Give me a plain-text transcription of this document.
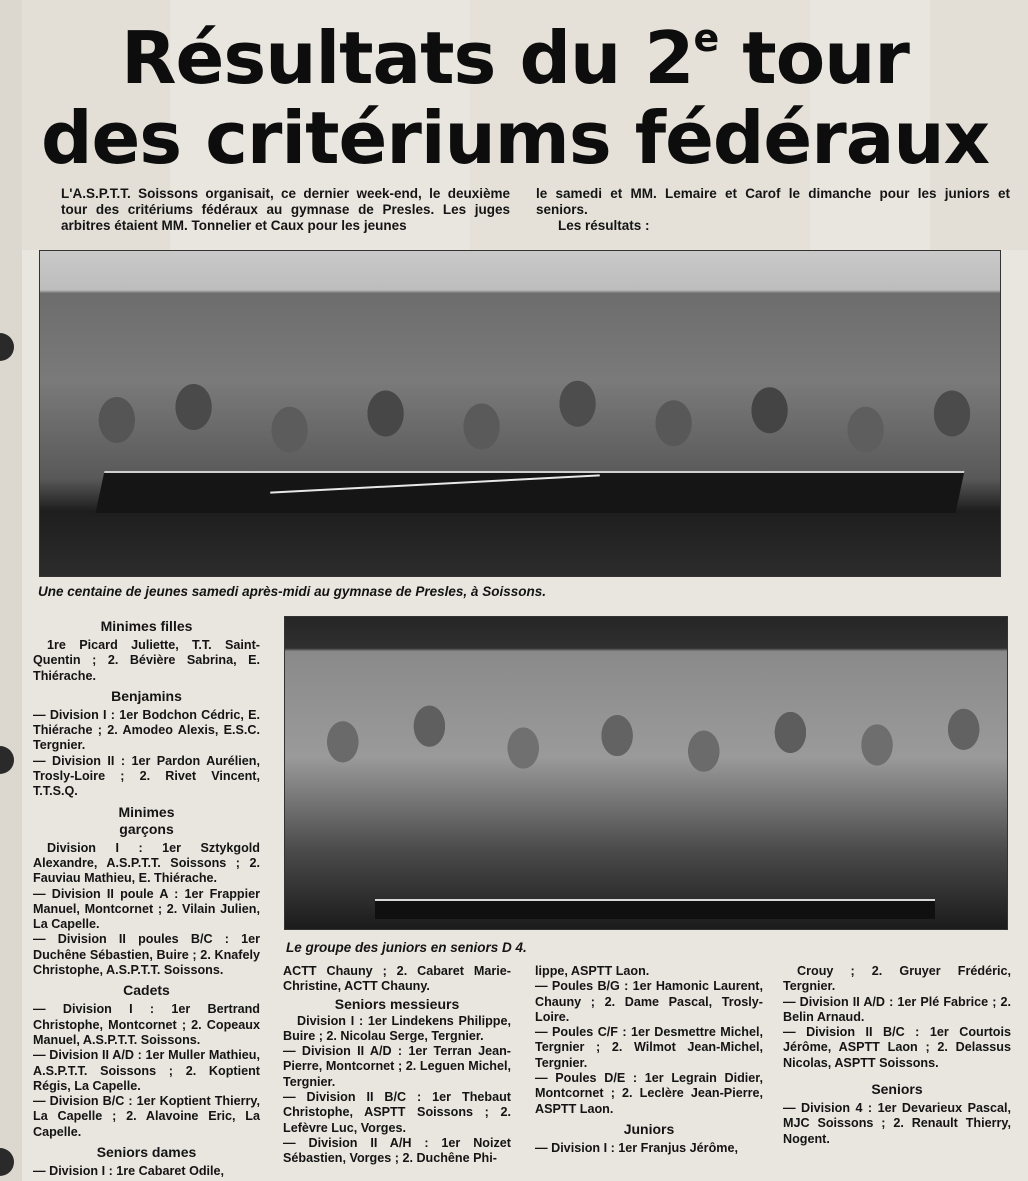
Résultats du 2e tour
des critériums fédéraux
L'A.S.P.T.T. Soissons organisait, ce dernier week-end, le deuxième tour des critériums fédéraux au gymnase de Presles. Les juges arbitres étaient MM. Tonnelier et Caux pour les jeunes
le samedi et MM. Lemaire et Carof le dimanche pour les juniors et seniors.
Les résultats :
Une centaine de jeunes samedi après-midi au gymnase de Presles, à Soissons.
Le groupe des juniors en seniors D 4.
Minimes filles

1re Picard Juliette, T.T. Saint-Quentin ; 2. Bévière Sabrina, E. Thiérache.

Benjamins

— Division I : 1er Bodchon Cédric, E. Thiérache ; 2. Amodeo Alexis, E.S.C. Tergnier.

— Division II : 1er Pardon Aurélien, Trosly-Loire ; 2. Rivet Vincent, T.T.S.Q.

Minimes
garçons

Division I : 1er Sztykgold Alexandre, A.S.P.T.T. Soissons ; 2. Fauviau Mathieu, E. Thiérache.

— Division II poule A : 1er Frappier Manuel, Montcornet ; 2. Vilain Julien, La Capelle.

— Division II poules B/C : 1er Duchêne Sébastien, Buire ; 2. Knafely Christophe, A.S.P.T.T. Soissons.

Cadets

— Division I : 1er Bertrand Christophe, Montcornet ; 2. Copeaux Manuel, A.S.P.T.T. Soissons.

— Division II A/D : 1er Muller Mathieu, A.S.P.T.T. Soissons ; 2. Koptient Régis, La Capelle.

— Division B/C : 1er Koptient Thierry, La Capelle ; 2. Alavoine Eric, La Capelle.

Seniors dames

— Division I : 1re Cabaret Odile,

ACTT Chauny ; 2. Cabaret Marie-Christine, ACTT Chauny.

Seniors messieurs

Division I : 1er Lindekens Philippe, Buire ; 2. Nicolau Serge, Tergnier.

— Division II A/D : 1er Terran Jean-Pierre, Montcornet ; 2. Leguen Michel, Tergnier.

— Division II B/C : 1er Thebaut Christophe, ASPTT Soissons ; 2. Lefèvre Luc, Vorges.

— Division II A/H : 1er Noizet Sébastien, Vorges ; 2. Duchêne Phi-

lippe, ASPTT Laon.

— Poules B/G : 1er Hamonic Laurent, Chauny ; 2. Dame Pascal, Trosly-Loire.

— Poules C/F : 1er Desmettre Michel, Tergnier ; 2. Wilmot Jean-Michel, Tergnier.

— Poules D/E : 1er Legrain Didier, Montcornet ; 2. Leclère Jean-Pierre, ASPTT Laon.

Juniors

— Division I : 1er Franjus Jérôme,

Crouy ; 2. Gruyer Frédéric, Tergnier.

— Division II A/D : 1er Plé Fabrice ; 2. Belin Arnaud.

— Division II B/C : 1er Courtois Jérôme, ASPTT Laon ; 2. Delassus Nicolas, ASPTT Soissons.

Seniors

— Division 4 : 1er Devarieux Pascal, MJC Soissons ; 2. Renault Thierry, Nogent.
